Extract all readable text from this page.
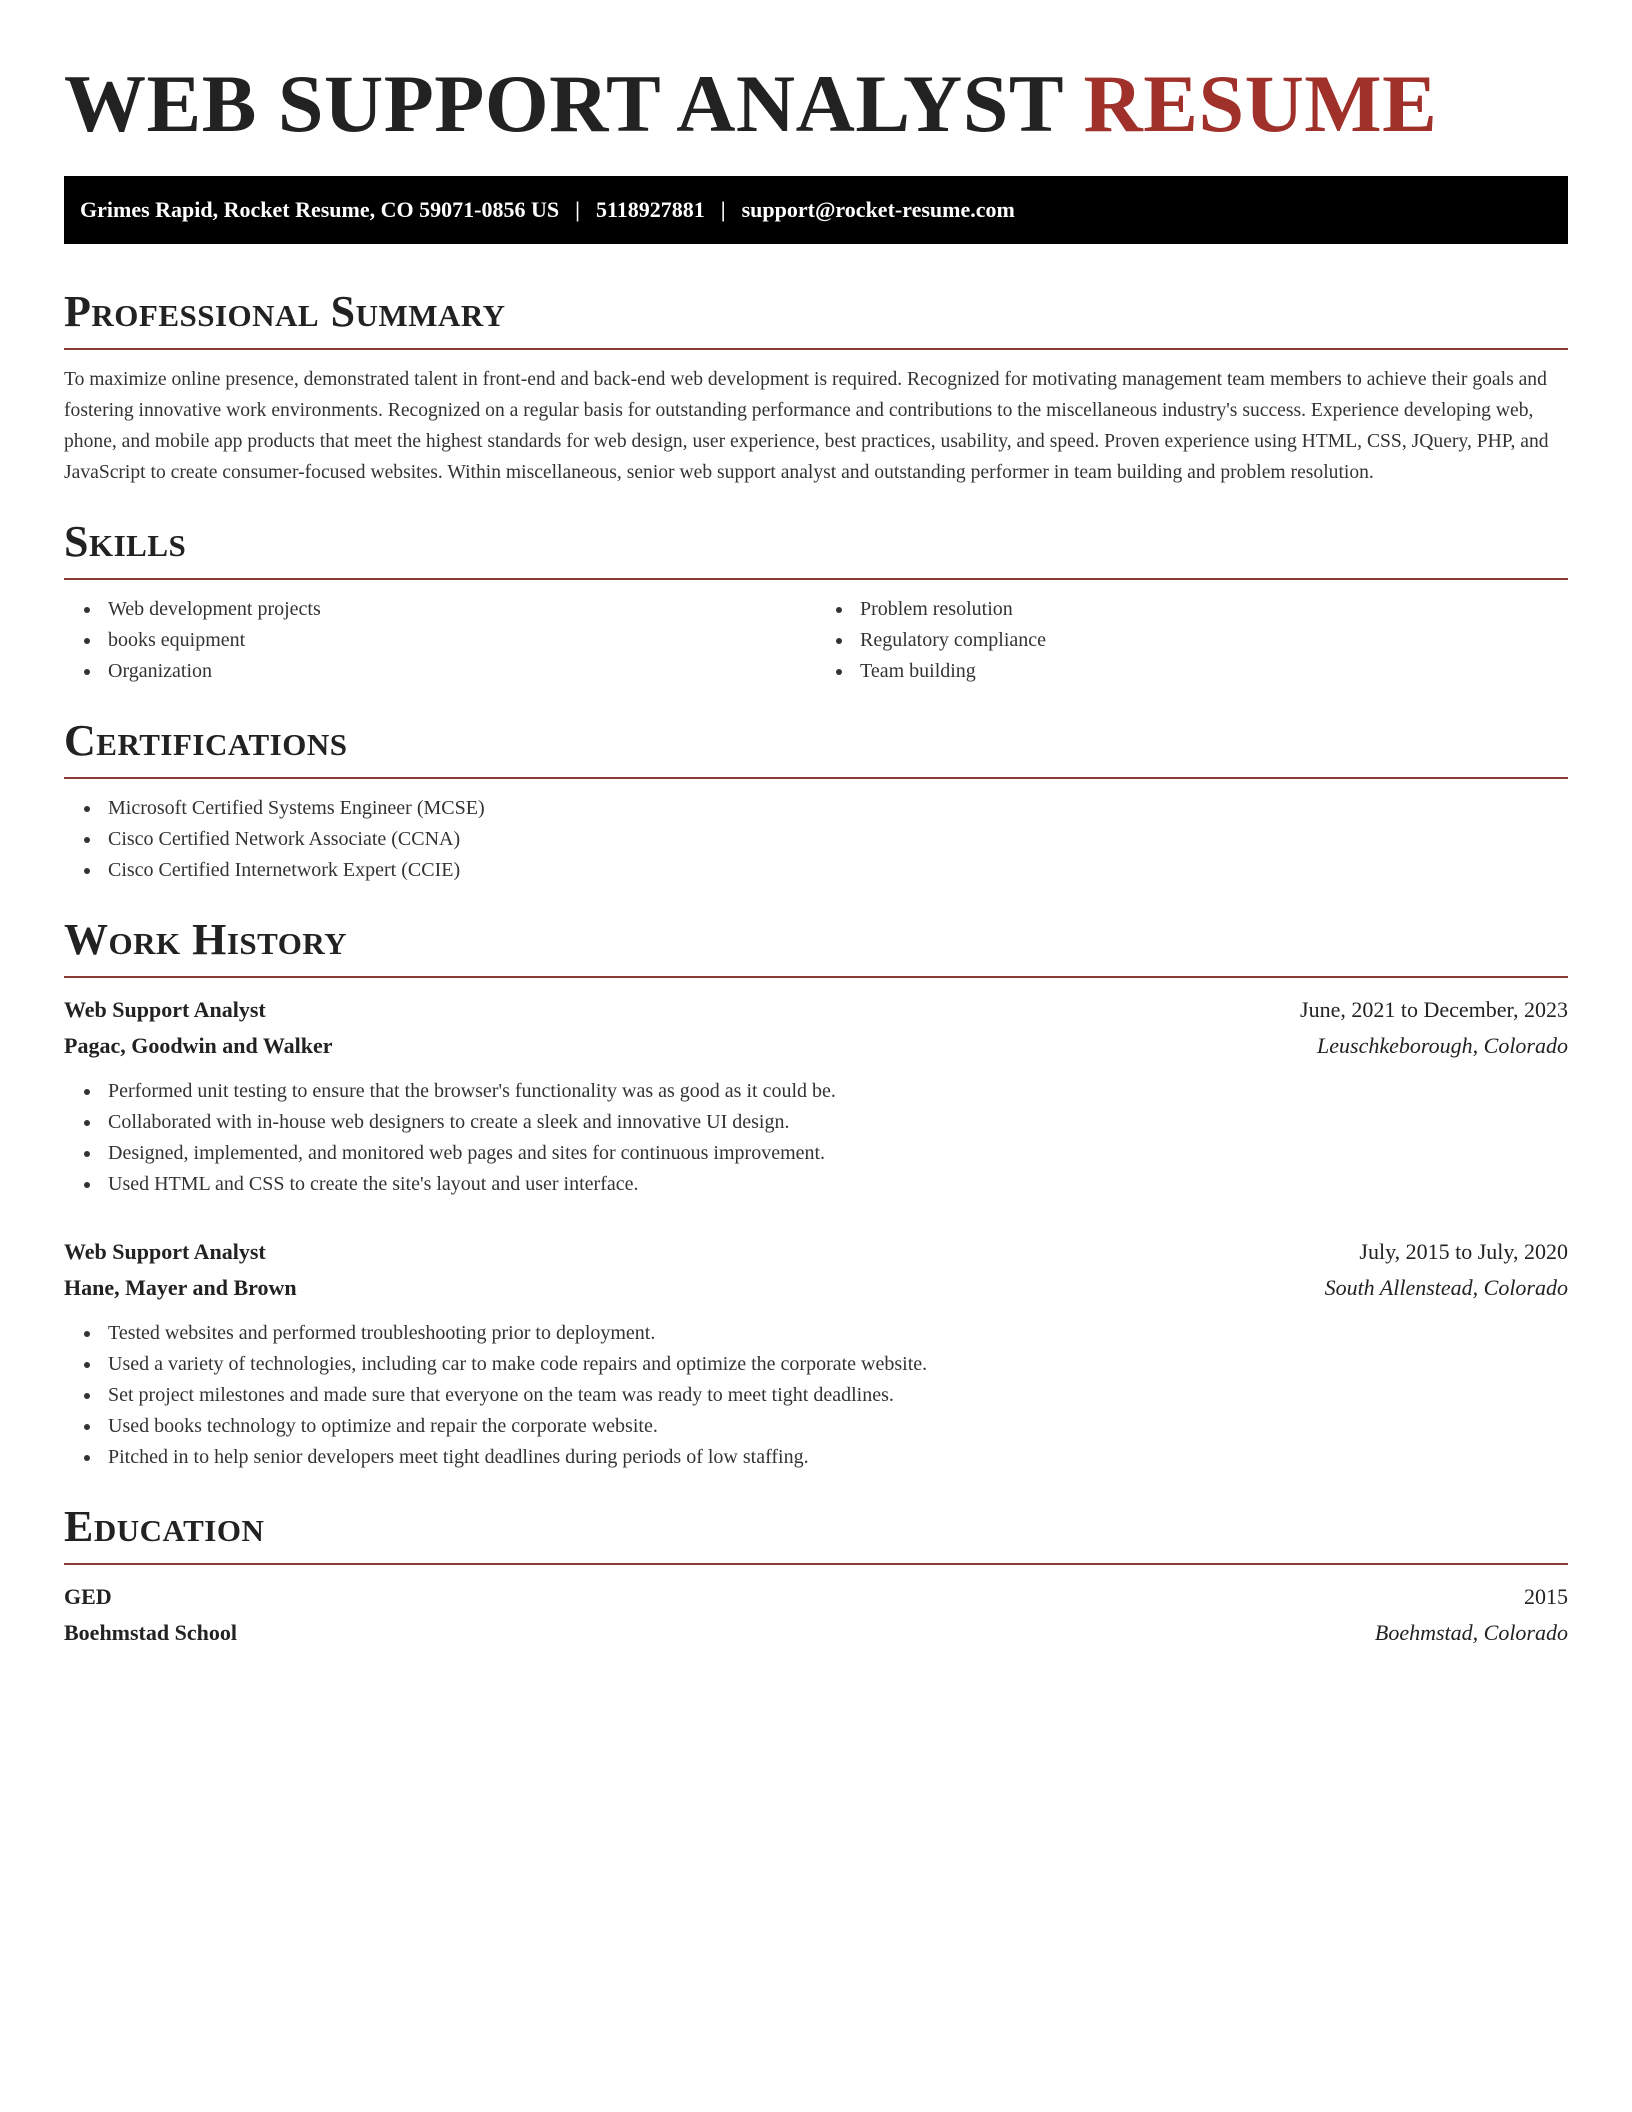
WEB SUPPORT ANALYST RESUME
Grimes Rapid, Rocket Resume, CO 59071-0856 US | 5118927881 | support@rocket-resume.com
Professional Summary

To maximize online presence, demonstrated talent in front-end and back-end web development is required. Recognized for motivating management team members to achieve their goals and fostering innovative work environments. Recognized on a regular basis for outstanding performance and contributions to the miscellaneous industry's success. Experience developing web, phone, and mobile app products that meet the highest standards for web design, user experience, best practices, usability, and speed. Proven experience using HTML, CSS, JQuery, PHP, and JavaScript to create consumer-focused websites. Within miscellaneous, senior web support analyst and outstanding performer in team building and problem resolution.

Skills
Web development projects
books equipment
Organization
Problem resolution
Regulatory compliance
Team building
Certifications
Microsoft Certified Systems Engineer (MCSE)
Cisco Certified Network Associate (CCNA)
Cisco Certified Internetwork Expert (CCIE)
Work History
Web Support Analyst	June, 2021 to December, 2023
Pagac, Goodwin and Walker	Leuschkeborough, Colorado
Performed unit testing to ensure that the browser's functionality was as good as it could be.
Collaborated with in-house web designers to create a sleek and innovative UI design.
Designed, implemented, and monitored web pages and sites for continuous improvement.
Used HTML and CSS to create the site's layout and user interface.
Web Support Analyst	July, 2015 to July, 2020
Hane, Mayer and Brown	South Allenstead, Colorado
Tested websites and performed troubleshooting prior to deployment.
Used a variety of technologies, including car to make code repairs and optimize the corporate website.
Set project milestones and made sure that everyone on the team was ready to meet tight deadlines.
Used books technology to optimize and repair the corporate website.
Pitched in to help senior developers meet tight deadlines during periods of low staffing.
Education
GED	2015
Boehmstad School	Boehmstad, Colorado
